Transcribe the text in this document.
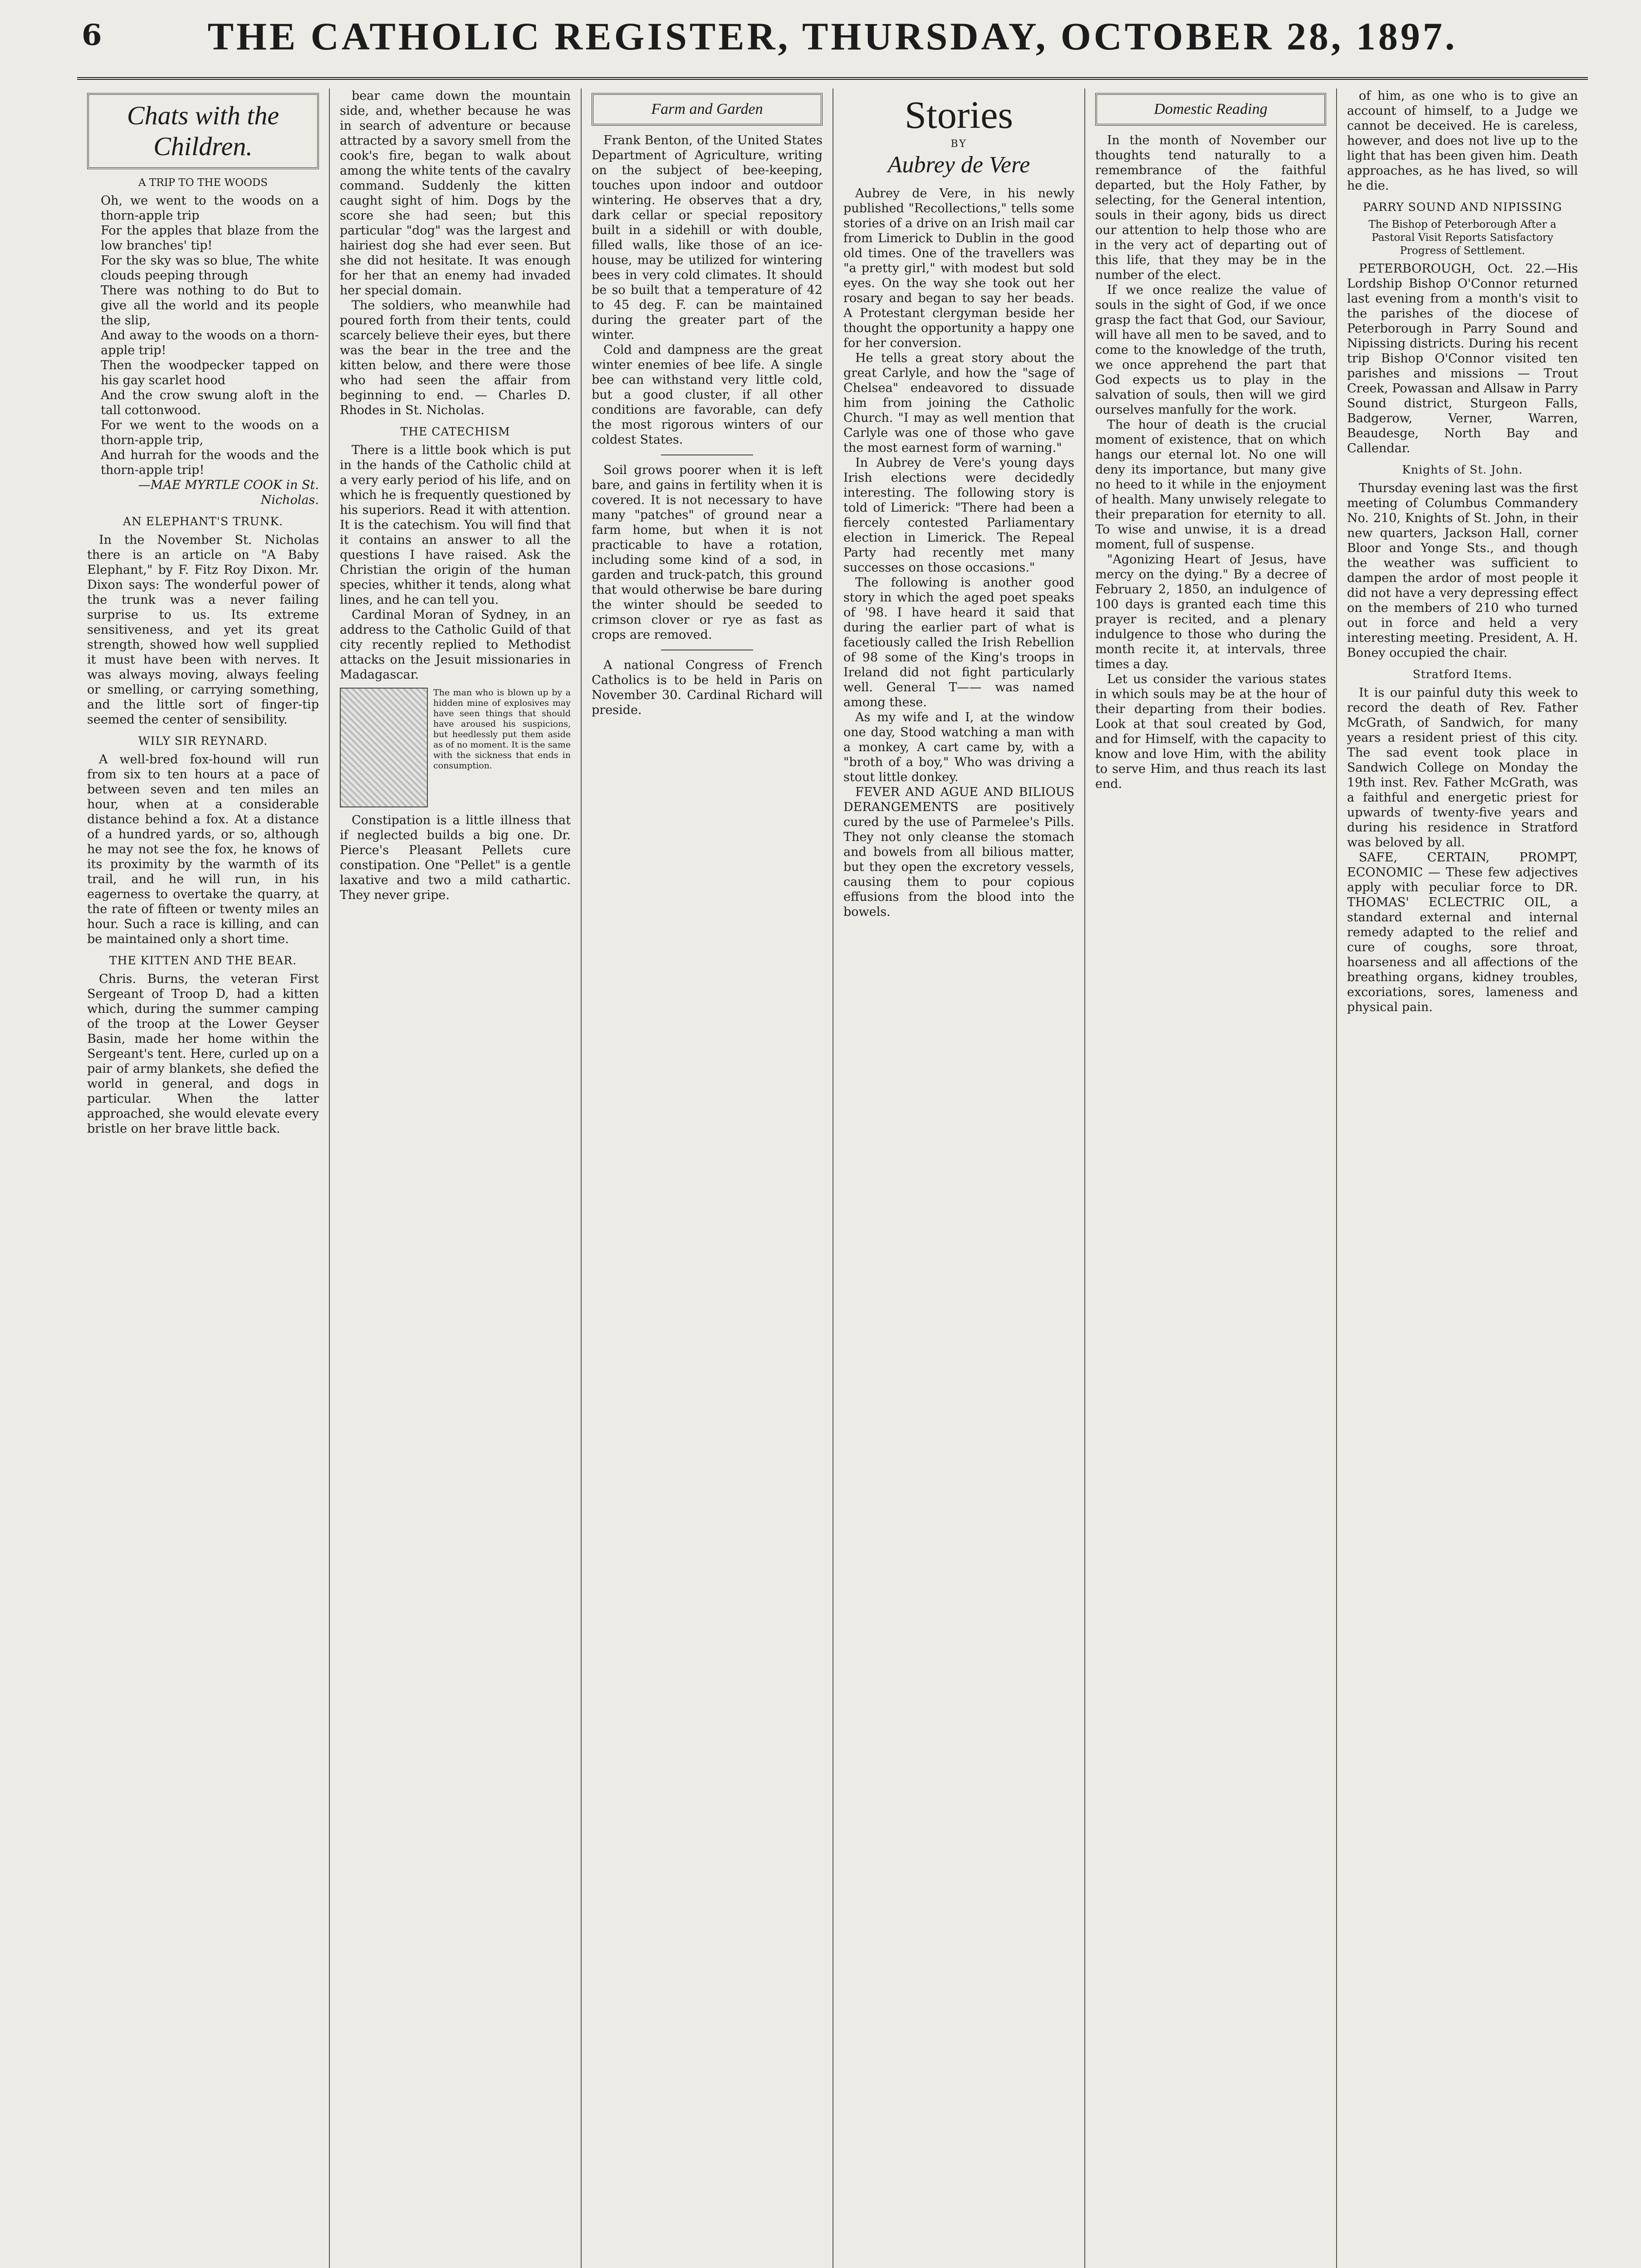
6	THE CATHOLIC REGISTER, THURSDAY, OCTOBER 28, 1897.
Chats with the
Children.
A TRIP TO THE WOODS

Oh, we went to the woods on a thorn-apple trip

For the apples that blaze from the low branches' tip!

For the sky was so blue, The white clouds peeping through

There was nothing to do But to give all the world and its people the slip,

And away to the woods on a thorn-apple trip!

Then the woodpecker tapped on his gay scarlet hood

And the crow swung aloft in the tall cottonwood.

For we went to the woods on a thorn-apple trip,

And hurrah for the woods and the thorn-apple trip!

—MAE MYRTLE COOK in St. Nicholas.

AN ELEPHANT'S TRUNK.

In the November St. Nicholas there is an article on "A Baby Elephant," by F. Fitz Roy Dixon. Mr. Dixon says: The wonderful power of the trunk was a never failing surprise to us. Its extreme sensitiveness, and yet its great strength, showed how well supplied it must have been with nerves. It was always moving, always feeling or smelling, or carrying something, and the little sort of finger-tip seemed the center of sensibility.

WILY SIR REYNARD.

A well-bred fox-hound will run from six to ten hours at a pace of between seven and ten miles an hour, when at a considerable distance behind a fox. At a distance of a hundred yards, or so, although he may not see the fox, he knows of its proximity by the warmth of its trail, and he will run, in his eagerness to overtake the quarry, at the rate of fifteen or twenty miles an hour. Such a race is killing, and can be maintained only a short time.

THE KITTEN AND THE BEAR.

Chris. Burns, the veteran First Sergeant of Troop D, had a kitten which, during the summer camping of the troop at the Lower Geyser Basin, made her home within the Sergeant's tent. Here, curled up on a pair of army blankets, she defied the world in general, and dogs in particular. When the latter approached, she would elevate every bristle on her brave little back.

bear came down the mountain side, and, whether because he was in search of adventure or because attracted by a savory smell from the cook's fire, began to walk about among the white tents of the cavalry command. Suddenly the kitten caught sight of him. Dogs by the score she had seen; but this particular "dog" was the largest and hairiest dog she had ever seen. But she did not hesitate. It was enough for her that an enemy had invaded her special domain.

The soldiers, who meanwhile had poured forth from their tents, could scarcely believe their eyes, but there was the bear in the tree and the kitten below, and there were those who had seen the affair from beginning to end. — Charles D. Rhodes in St. Nicholas.

THE CATECHISM

There is a little book which is put in the hands of the Catholic child at a very early period of his life, and on which he is frequently questioned by his superiors. Read it with attention. It is the catechism. You will find that it contains an answer to all the questions I have raised. Ask the Christian the origin of the human species, whither it tends, along what lines, and he can tell you.

Cardinal Moran of Sydney, in an address to the Catholic Guild of that city recently replied to Methodist attacks on the Jesuit missionaries in Madagascar.

The man who is blown up by a hidden mine of explosives may have seen things that should have aroused his suspicions, but heedlessly put them aside as of no moment. It is the same with the sickness that ends in consumption.

Constipation is a little illness that if neglected builds a big one. Dr. Pierce's Pleasant Pellets cure constipation. One "Pellet" is a gentle laxative and two a mild cathartic. They never gripe.

Farm and Garden

Frank Benton, of the United States Department of Agriculture, writing on the subject of bee-keeping, touches upon indoor and outdoor wintering. He observes that a dry, dark cellar or special repository built in a sidehill or with double, filled walls, like those of an ice-house, may be utilized for wintering bees in very cold climates. It should be so built that a temperature of 42 to 45 deg. F. can be maintained during the greater part of the winter.

Cold and dampness are the great winter enemies of bee life. A single bee can withstand very little cold, but a good cluster, if all other conditions are favorable, can defy the most rigorous winters of our coldest States.

Soil grows poorer when it is left bare, and gains in fertility when it is covered. It is not necessary to have many "patches" of ground near a farm home, but when it is not practicable to have a rotation, including some kind of a sod, in garden and truck-patch, this ground that would otherwise be bare during the winter should be seeded to crimson clover or rye as fast as crops are removed.

A national Congress of French Catholics is to be held in Paris on November 30. Cardinal Richard will preside.

Stories
BY
Aubrey de Vere

Aubrey de Vere, in his newly published "Recollections," tells some stories of a drive on an Irish mail car from Limerick to Dublin in the good old times. One of the travellers was "a pretty girl," with modest but sold eyes. On the way she took out her rosary and began to say her beads. A Protestant clergyman beside her thought the opportunity a happy one for her conversion.

He tells a great story about the great Carlyle, and how the "sage of Chelsea" endeavored to dissuade him from joining the Catholic Church. "I may as well mention that Carlyle was one of those who gave the most earnest form of warning."

In Aubrey de Vere's young days Irish elections were decidedly interesting. The following story is told of Limerick: "There had been a fiercely contested Parliamentary election in Limerick. The Repeal Party had recently met many successes on those occasions."

The following is another good story in which the aged poet speaks of '98. I have heard it said that during the earlier part of what is facetiously called the Irish Rebellion of 98 some of the King's troops in Ireland did not fight particularly well. General T—— was named among these.

As my wife and I, at the window one day, Stood watching a man with a monkey, A cart came by, with a "broth of a boy," Who was driving a stout little donkey.

FEVER AND AGUE AND BILIOUS DERANGEMENTS are positively cured by the use of Parmelee's Pills. They not only cleanse the stomach and bowels from all bilious matter, but they open the excretory vessels, causing them to pour copious effusions from the blood into the bowels.

Domestic Reading

In the month of November our thoughts tend naturally to a remembrance of the faithful departed, but the Holy Father, by selecting, for the General intention, souls in their agony, bids us direct our attention to help those who are in the very act of departing out of this life, that they may be in the number of the elect.

If we once realize the value of souls in the sight of God, if we once grasp the fact that God, our Saviour, will have all men to be saved, and to come to the knowledge of the truth, we once apprehend the part that God expects us to play in the salvation of souls, then will we gird ourselves manfully for the work.

The hour of death is the crucial moment of existence, that on which hangs our eternal lot. No one will deny its importance, but many give no heed to it while in the enjoyment of health. Many unwisely relegate to their preparation for eternity to all. To wise and unwise, it is a dread moment, full of suspense.

"Agonizing Heart of Jesus, have mercy on the dying." By a decree of February 2, 1850, an indulgence of 100 days is granted each time this prayer is recited, and a plenary indulgence to those who during the month recite it, at intervals, three times a day.

Let us consider the various states in which souls may be at the hour of their departing from their bodies. Look at that soul created by God, and for Himself, with the capacity to know and love Him, with the ability to serve Him, and thus reach its last end.

of him, as one who is to give an account of himself, to a Judge we cannot be deceived. He is careless, however, and does not live up to the light that has been given him. Death approaches, as he has lived, so will he die.

PARRY SOUND AND NIPISSING
The Bishop of Peterborough After a Pastoral Visit Reports Satisfactory Progress of Settlement.

PETERBOROUGH, Oct. 22.—His Lordship Bishop O'Connor returned last evening from a month's visit to the parishes of the diocese of Peterborough in Parry Sound and Nipissing districts. During his recent trip Bishop O'Connor visited ten parishes and missions — Trout Creek, Powassan and Allsaw in Parry Sound district, Sturgeon Falls, Badgerow, Verner, Warren, Beaudesge, North Bay and Callendar.

Knights of St. John.

Thursday evening last was the first meeting of Columbus Commandery No. 210, Knights of St. John, in their new quarters, Jackson Hall, corner Bloor and Yonge Sts., and though the weather was sufficient to dampen the ardor of most people it did not have a very depressing effect on the members of 210 who turned out in force and held a very interesting meeting. President, A. H. Boney occupied the chair.

Stratford Items.

It is our painful duty this week to record the death of Rev. Father McGrath, of Sandwich, for many years a resident priest of this city. The sad event took place in Sandwich College on Monday the 19th inst. Rev. Father McGrath, was a faithful and energetic priest for upwards of twenty-five years and during his residence in Stratford was beloved by all.

SAFE, CERTAIN, PROMPT, ECONOMIC — These few adjectives apply with peculiar force to DR. THOMAS' ECLECTRIC OIL, a standard external and internal remedy adapted to the relief and cure of coughs, sore throat, hoarseness and all affections of the breathing organs, kidney troubles, excoriations, sores, lameness and physical pain.
